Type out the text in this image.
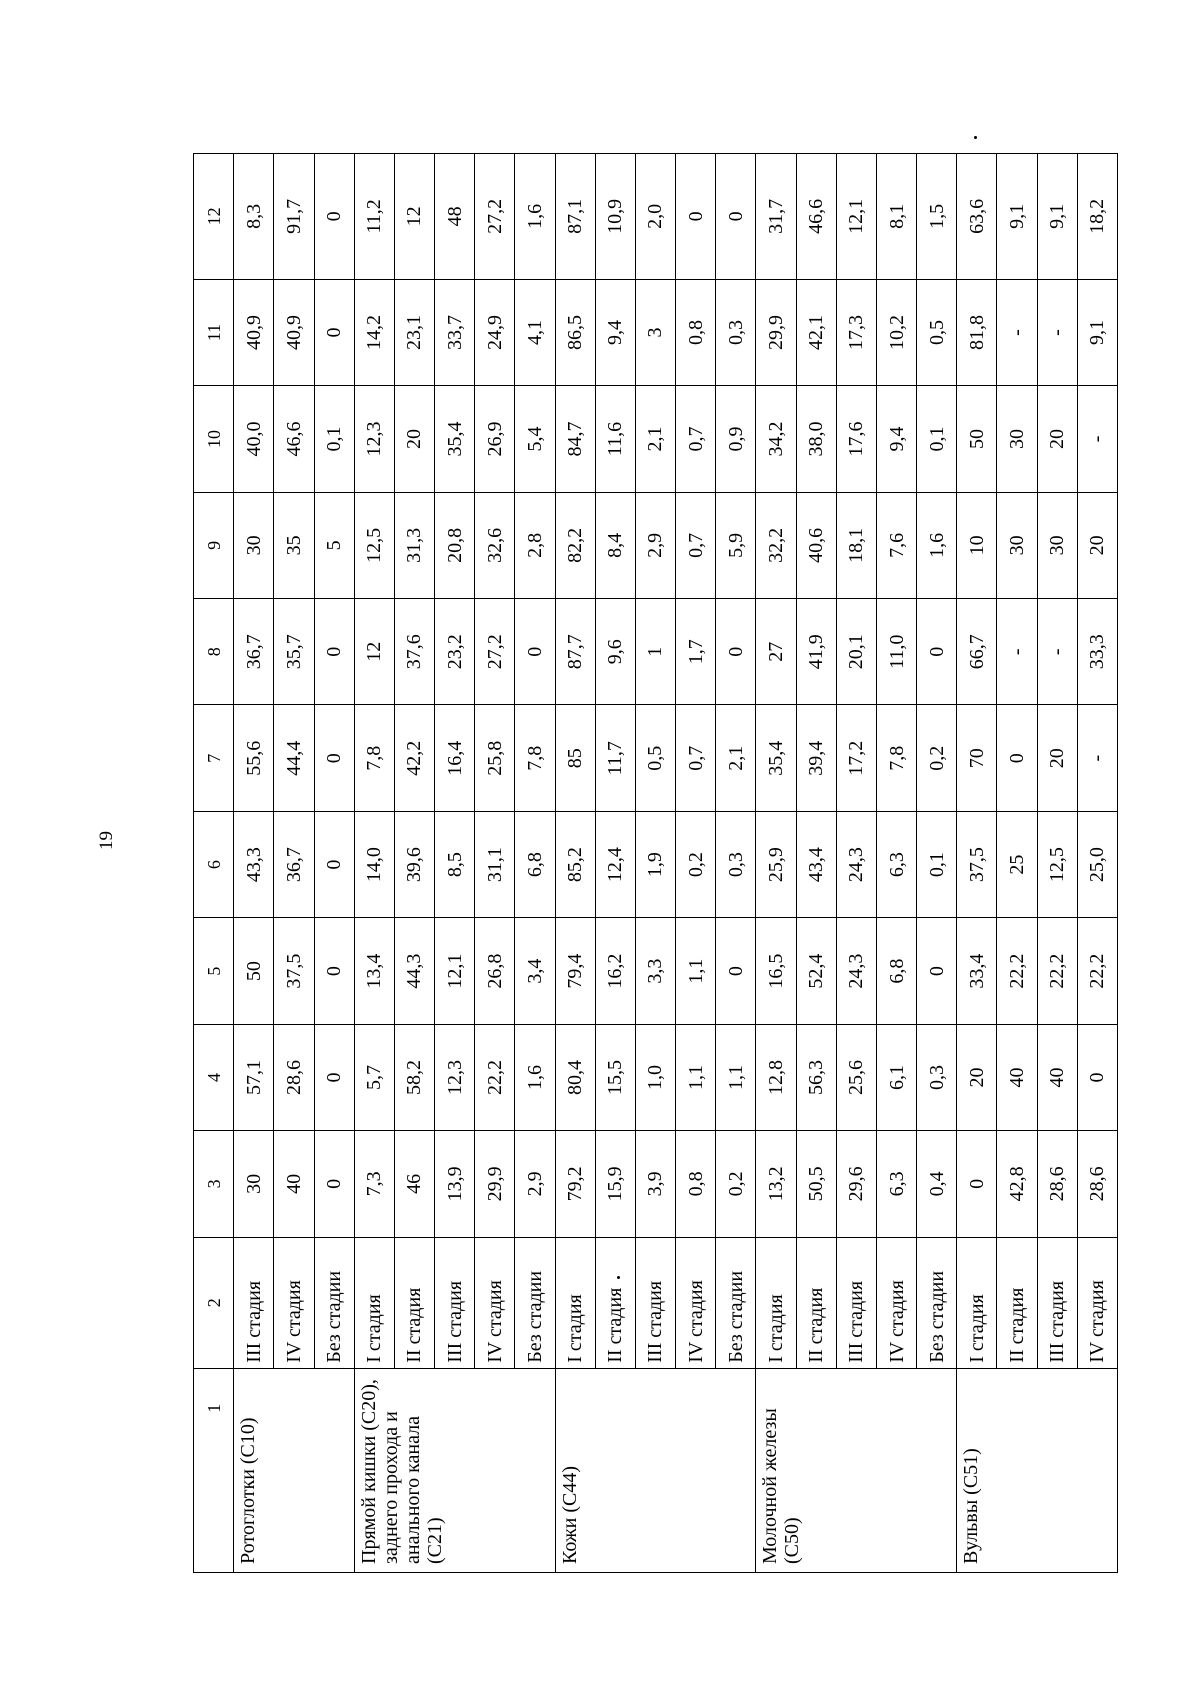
19
1	2	3	4	5	6	7	8	9	10	11	12
Ротоглотки (С10)	III стадия	30	57,1	50	43,3	55,6	36,7	30	40,0	40,9	8,3
	IV стадия	40	28,6	37,5	36,7	44,4	35,7	35	46,6	40,9	91,7
	Без стадии	0	0	0	0	0	0	5	0,1	0	0
Прямой кишки (С20), заднего прохода и анального канала (С21)	I стадия	7,3	5,7	13,4	14,0	7,8	12	12,5	12,3	14,2	11,2
	II стадия	46	58,2	44,3	39,6	42,2	37,6	31,3	20	23,1	12
	III стадия	13,9	12,3	12,1	8,5	16,4	23,2	20,8	35,4	33,7	48
	IV стадия	29,9	22,2	26,8	31,1	25,8	27,2	32,6	26,9	24,9	27,2
	Без стадии	2,9	1,6	3,4	6,8	7,8	0	2,8	5,4	4,1	1,6
Кожи (С44)	I стадия	79,2	80,4	79,4	85,2	85	87,7	82,2	84,7	86,5	87,1
	II стадия	15,9	15,5	16,2	12,4	11,7	9,6	8,4	11,6	9,4	10,9
	III стадия	3,9	1,0	3,3	1,9	0,5	1	2,9	2,1	3	2,0
	IV стадия	0,8	1,1	1,1	0,2	0,7	1,7	0,7	0,7	0,8	0
	Без стадии	0,2	1,1	0	0,3	2,1	0	5,9	0,9	0,3	0
Молочной железы (С50)	I стадия	13,2	12,8	16,5	25,9	35,4	27	32,2	34,2	29,9	31,7
	II стадия	50,5	56,3	52,4	43,4	39,4	41,9	40,6	38,0	42,1	46,6
	III стадия	29,6	25,6	24,3	24,3	17,2	20,1	18,1	17,6	17,3	12,1
	IV стадия	6,3	6,1	6,8	6,3	7,8	11,0	7,6	9,4	10,2	8,1
	Без стадии	0,4	0,3	0	0,1	0,2	0	1,6	0,1	0,5	1,5
Вульвы (С51)	I стадия	0	20	33,4	37,5	70	66,7	10	50	81,8	63,6
	II стадия	42,8	40	22,2	25	0	-	30	30	-	9,1
	III стадия	28,6	40	22,2	12,5	20	-	30	20	-	9,1
	IV стадия	28,6	0	22,2	25,0	-	33,3	20	-	9,1	18,2
